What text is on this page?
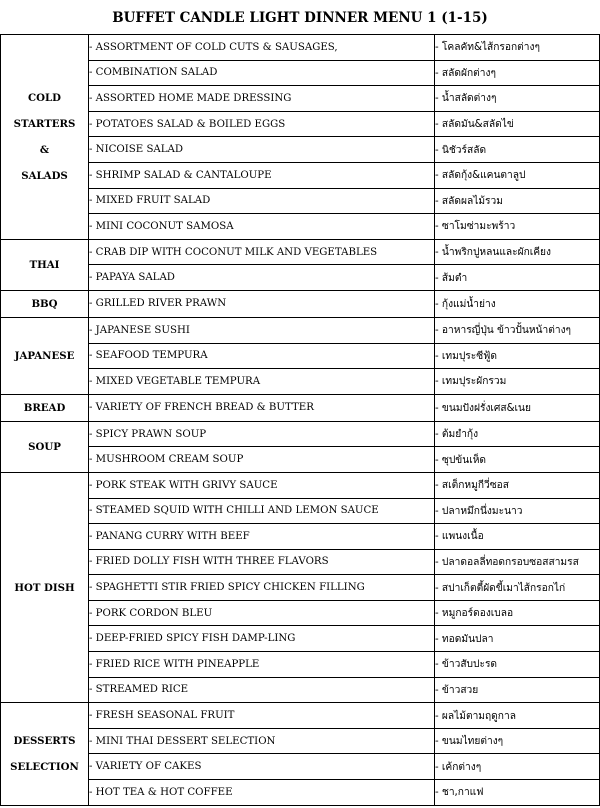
BUFFET CANDLE LIGHT DINNER MENU 1 (1-15)
COLD
STARTERS
&
SALADS	- ASSORTMENT OF COLD CUTS & SAUSAGES,	- โคลคัท&ไส้กรอกต่างๆ
	- COMBINATION SALAD	- สลัดผักต่างๆ
	- ASSORTED HOME MADE DRESSING	- น้ำสลัดต่างๆ
	- POTATOES SALAD & BOILED EGGS	- สลัดมัน&สลัดไข่
	- NICOISE SALAD	- นิชัวร์สลัด
	- SHRIMP SALAD & CANTALOUPE	- สลัดกุ้ง&แคนตาลูป
	- MIXED FRUIT SALAD	- สลัดผลไม้รวม
	- MINI COCONUT SAMOSA	- ซาโมซ่ามะพร้าว

THAI	- CRAB DIP WITH COCONUT MILK AND VEGETABLES	- น้ำพริกปูหลนและผักเคียง
	- PAPAYA SALAD	- ส้มตำ

BBQ	- GRILLED RIVER PRAWN	- กุ้งแม่น้ำย่าง

JAPANESE	- JAPANESE SUSHI	- อาหารญี่ปุ่น ข้าวปั้นหน้าต่างๆ
	- SEAFOOD TEMPURA	- เทมปุระซีฟู้ด
	- MIXED VEGETABLE TEMPURA	- เทมปุระผักรวม

BREAD	- VARIETY OF FRENCH BREAD & BUTTER	- ขนมปังฝรั่งเศส&เนย

SOUP	- SPICY PRAWN SOUP	- ต้มยำกุ้ง
	- MUSHROOM CREAM SOUP	- ซุปข้นเห็ด

HOT DISH	- PORK STEAK WITH GRIVY SAUCE	- สเต็กหมูกีวี่ซอส
	- STEAMED SQUID WITH CHILLI AND LEMON SAUCE	- ปลาหมึกนึ่งมะนาว
	- PANANG CURRY WITH BEEF	- แพนงเนื้อ
	- FRIED DOLLY FISH WITH THREE FLAVORS	- ปลาดอลลี่ทอดกรอบซอสสามรส
	- SPAGHETTI STIR FRIED SPICY CHICKEN FILLING	- สปาเก็ตตี้ผัดขี้เมาไส้กรอกไก่
	- PORK CORDON BLEU	- หมูกอร์ดองเบลอ
	- DEEP-FRIED SPICY FISH DAMP-LING	- ทอดมันปลา
	- FRIED RICE WITH PINEAPPLE	- ข้าวสับปะรด
	- STREAMED RICE	- ข้าวสวย

DESSERTS
SELECTION	- FRESH SEASONAL FRUIT	- ผลไม้ตามฤดูกาล
	- MINI THAI DESSERT SELECTION	- ขนมไทยต่างๆ
	- VARIETY OF CAKES	- เค้กต่างๆ
	- HOT TEA & HOT COFFEE	- ชา,กาแฟ
